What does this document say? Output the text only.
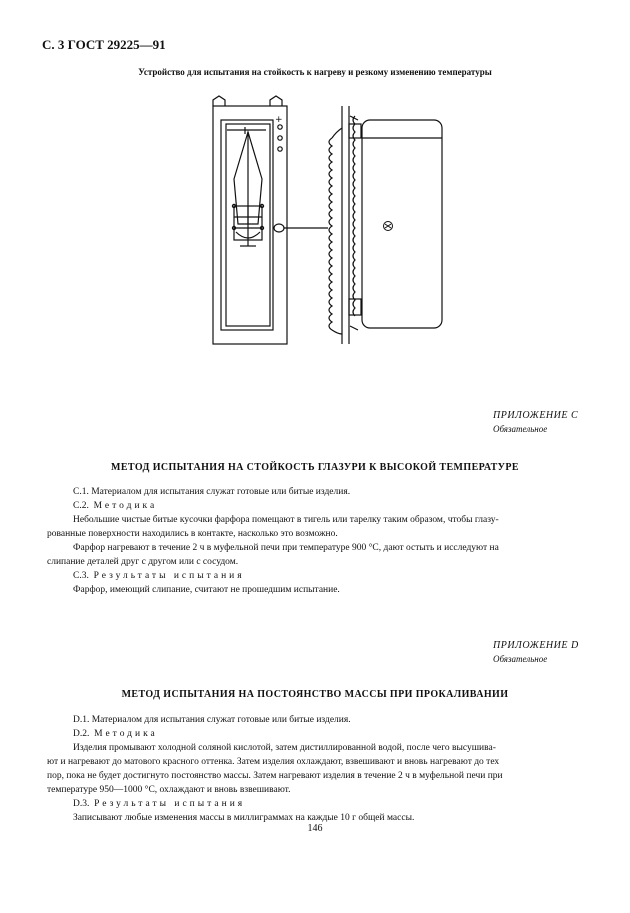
С. 3 ГОСТ 29225—91
Устройство для испытания на стойкость к нагреву и резкому изменению температуры
+
ПРИЛОЖЕНИЕ С
Обязательное
МЕТОД ИСПЫТАНИЯ НА СТОЙКОСТЬ ГЛАЗУРИ К ВЫСОКОЙ ТЕМПЕРАТУРЕ

С.1. Материалом для испытания служат готовые или битые изделия.

С.2. Методика

Небольшие чистые битые кусочки фарфора помещают в тигель или тарелку таким образом, чтобы глазу-

рованные поверхности находились в контакте, насколько это возможно.

Фарфор нагревают в течение 2 ч в муфельной печи при температуре 900 °С, дают остыть и исследуют на

слипание деталей друг с другом или с сосудом.

С.3. Результаты испытания

Фарфор, имеющий слипание, считают не прошедшим испытание.

ПРИЛОЖЕНИЕ D
Обязательное
МЕТОД ИСПЫТАНИЯ НА ПОСТОЯНСТВО МАССЫ ПРИ ПРОКАЛИВАНИИ

D.1. Материалом для испытания служат готовые или битые изделия.

D.2. Методика

Изделия промывают холодной соляной кислотой, затем дистиллированной водой, после чего высушива-

ют и нагревают до матового красного оттенка. Затем изделия охлаждают, взвешивают и вновь нагревают до тех

пор, пока не будет достигнуто постоянство массы. Затем нагревают изделия в течение 2 ч в муфельной печи при

температуре 950—1000 °С, охлаждают и вновь взвешивают.

D.3. Результаты испытания

Записывают любые изменения массы в миллиграммах на каждые 10 г общей массы.

146
